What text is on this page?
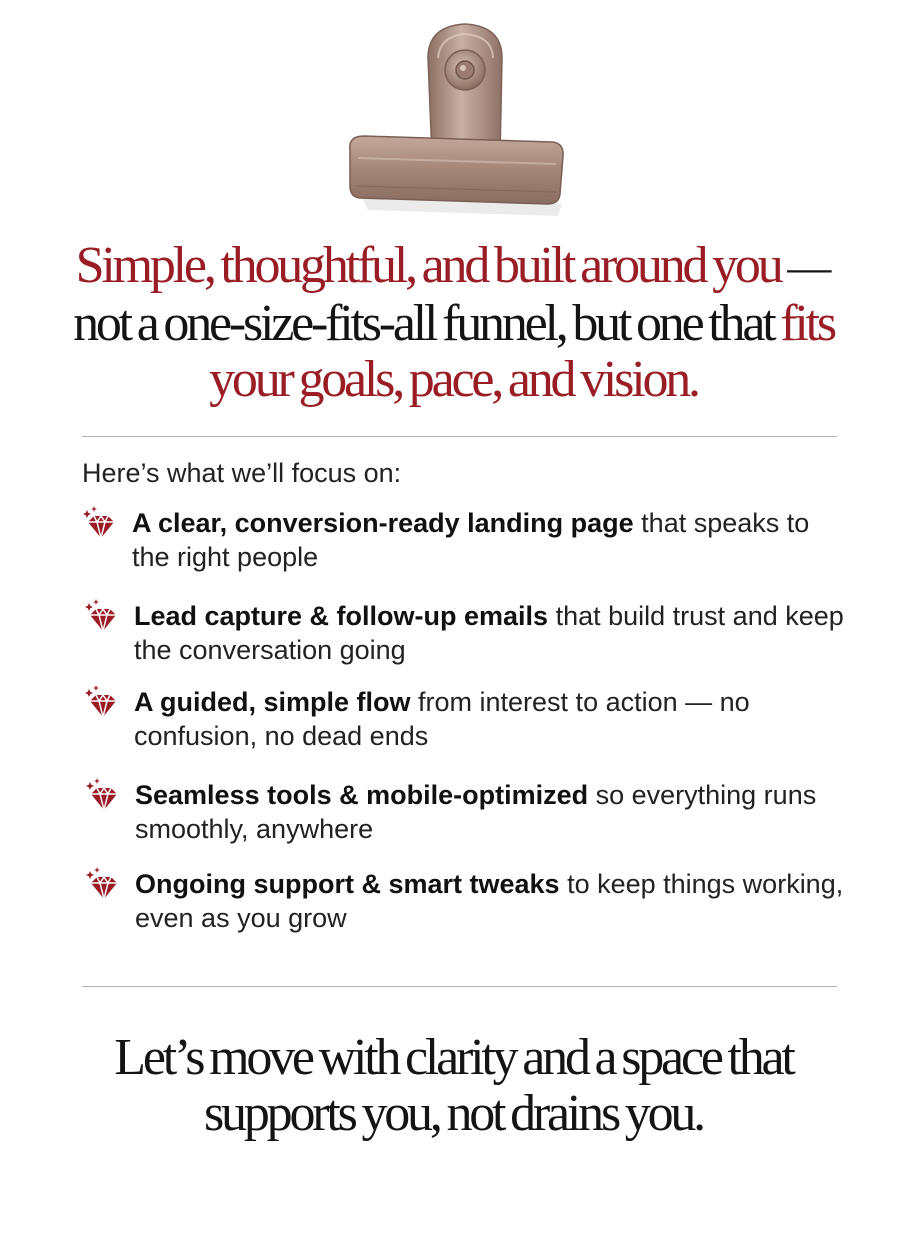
Simple, thoughtful, and built around you —
not a one-size-fits-all funnel, but one that fits
your goals, pace, and vision.
Here’s what we’ll focus on:
A clear, conversion-ready landing page that speaks to the right people
Lead capture & follow-up emails that build trust and keep the conversation going
A guided, simple flow from interest to action — no confusion, no dead ends
Seamless tools & mobile-optimized so everything runs smoothly, anywhere
Ongoing support & smart tweaks to keep things working, even as you grow
Let’s move with clarity and a space that
supports you, not drains you.
